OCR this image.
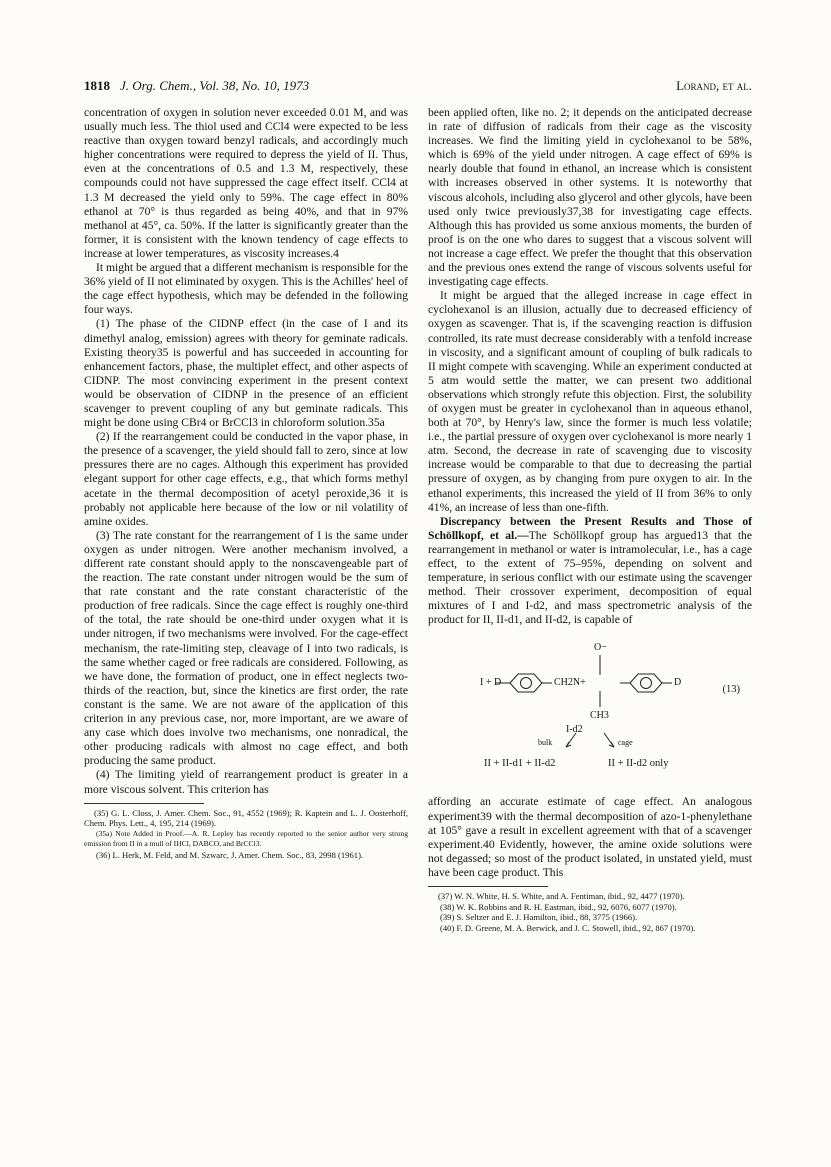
1818 J. Org. Chem., Vol. 38, No. 10, 1973	Lorand, et al.

concentration of oxygen in solution never exceeded 0.01 M, and was usually much less. The thiol used and CCl4 were expected to be less reactive than oxygen toward benzyl radicals, and accordingly much higher concentrations were required to depress the yield of II. Thus, even at the concentrations of 0.5 and 1.3 M, respectively, these compounds could not have suppressed the cage effect itself. CCl4 at 1.3 M decreased the yield only to 59%. The cage effect in 80% ethanol at 70° is thus regarded as being 40%, and that in 97% methanol at 45°, ca. 50%. If the latter is significantly greater than the former, it is consistent with the known tendency of cage effects to increase at lower temperatures, as viscosity increases.4

It might be argued that a different mechanism is responsible for the 36% yield of II not eliminated by oxygen. This is the Achilles' heel of the cage effect hypothesis, which may be defended in the following four ways.

(1) The phase of the CIDNP effect (in the case of I and its dimethyl analog, emission) agrees with theory for geminate radicals. Existing theory35 is powerful and has succeeded in accounting for enhancement factors, phase, the multiplet effect, and other aspects of CIDNP. The most convincing experiment in the present context would be observation of CIDNP in the presence of an efficient scavenger to prevent coupling of any but geminate radicals. This might be done using CBr4 or BrCCl3 in chloroform solution.35a

(2) If the rearrangement could be conducted in the vapor phase, in the presence of a scavenger, the yield should fall to zero, since at low pressures there are no cages. Although this experiment has provided elegant support for other cage effects, e.g., that which forms methyl acetate in the thermal decomposition of acetyl peroxide,36 it is probably not applicable here because of the low or nil volatility of amine oxides.

(3) The rate constant for the rearrangement of I is the same under oxygen as under nitrogen. Were another mechanism involved, a different rate constant should apply to the nonscavengeable part of the reaction. The rate constant under nitrogen would be the sum of that rate constant and the rate constant characteristic of the production of free radicals. Since the cage effect is roughly one-third of the total, the rate should be one-third under oxygen what it is under nitrogen, if two mechanisms were involved. For the cage-effect mechanism, the rate-limiting step, cleavage of I into two radicals, is the same whether caged or free radicals are considered. Following, as we have done, the formation of product, one in effect neglects two-thirds of the reaction, but, since the kinetics are first order, the rate constant is the same. We are not aware of the application of this criterion in any previous case, nor, more important, are we aware of any case which does involve two mechanisms, one nonradical, the other producing radicals with almost no cage effect, and both producing the same product.

(4) The limiting yield of rearrangement product is greater in a more viscous solvent. This criterion has

(35) G. L. Closs, J. Amer. Chem. Soc., 91, 4552 (1969); R. Kaptein and L. J. Oosterhoff, Chem. Phys. Lett., 4, 195, 214 (1969).

(35a) Note Added in Proof.—A. R. Lepley has recently reported to the senior author very strong emission from II in a mull of IHCl, DABCO, and BrCCl3.

(36) L. Herk, M. Feld, and M. Szwarc, J. Amer. Chem. Soc., 83, 2998 (1961).

been applied often, like no. 2; it depends on the anticipated decrease in rate of diffusion of radicals from their cage as the viscosity increases. We find the limiting yield in cyclohexanol to be 58%, which is 69% of the yield under nitrogen. A cage effect of 69% is nearly double that found in ethanol, an increase which is consistent with increases observed in other systems. It is noteworthy that viscous alcohols, including also glycerol and other glycols, have been used only twice previously37,38 for investigating cage effects. Although this has provided us some anxious moments, the burden of proof is on the one who dares to suggest that a viscous solvent will not increase a cage effect. We prefer the thought that this observation and the previous ones extend the range of viscous solvents useful for investigating cage effects.

It might be argued that the alleged increase in cage effect in cyclohexanol is an illusion, actually due to decreased efficiency of oxygen as scavenger. That is, if the scavenging reaction is diffusion controlled, its rate must decrease considerably with a tenfold increase in viscosity, and a significant amount of coupling of bulk radicals to II might compete with scavenging. While an experiment conducted at 5 atm would settle the matter, we can present two additional observations which strongly refute this objection. First, the solubility of oxygen must be greater in cyclohexanol than in aqueous ethanol, both at 70°, by Henry's law, since the former is much less volatile; i.e., the partial pressure of oxygen over cyclohexanol is more nearly 1 atm. Second, the decrease in rate of scavenging due to viscosity increase would be comparable to that due to decreasing the partial pressure of oxygen, as by changing from pure oxygen to air. In the ethanol experiments, this increased the yield of II from 36% to only 41%, an increase of less than one-fifth.

Discrepancy between the Present Results and Those of Schöllkopf, et al.—The Schöllkopf group has argued13 that the rearrangement in methanol or water is intramolecular, i.e., has a cage effect, to the extent of 75–95%, depending on solvent and temperature, in serious conflict with our estimate using the scavenger method. Their crossover experiment, decomposition of equal mixtures of I and I-d2, and mass spectrometric analysis of the product for II, II-d1, and II-d2, is capable of

I + D
O−
CH2N+	D
CH3
(13)
I-d2
bulk	cage
II + II-d1 + II-d2	II + II-d2 only

affording an accurate estimate of cage effect. An analogous experiment39 with the thermal decomposition of azo-1-phenylethane at 105° gave a result in excellent agreement with that of a scavenger experiment.40 Evidently, however, the amine oxide solutions were not degassed; so most of the product isolated, in unstated yield, must have been cage product. This

(37) W. N. White, H. S. White, and A. Fentiman, ibid., 92, 4477 (1970).

(38) W. K. Robbins and R. H. Eastman, ibid., 92, 6076, 6077 (1970).

(39) S. Seltzer and E. J. Hamilton, ibid., 88, 3775 (1966).

(40) F. D. Greene, M. A. Berwick, and J. C. Stowell, ibid., 92, 867 (1970).
